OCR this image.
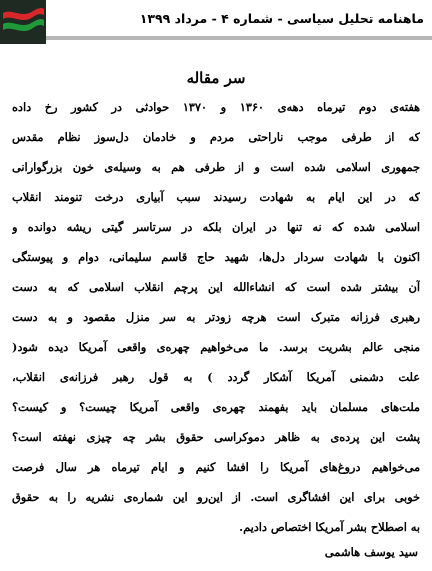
ماهنامه تحلیل سیاسی - شماره ۴ - مرداد ۱۳۹۹
سر مقاله
هفته‌ی دوم تیرماه دهه‌ی ۱۳۶۰ و ۱۳۷۰ حوادثی در کشور رخ داده
که از طرفی موجب ناراحتی مردم و خادمان دل‌سوز نظام مقدس
جمهوری اسلامی شده است و از طرفی هم به وسیله‌ی خون بزرگوارانی
که در این ایام به شهادت رسیدند سبب آبیاری درخت تنومند انقلاب
اسلامی شده که نه تنها در ایران بلکه در سرتاسر گیتی ریشه دوانده و
اکنون با شهادت سردار دل‌ها، شهید حاج قاسم سلیمانی، دوام و پیوستگی
آن بیشتر شده است که انشاءالله این پرچم انقلاب اسلامی که به دست
رهبری فرزانه متبرک است هرچه زودتر به سر منزل مقصود و به دست
منجی عالم بشریت برسد. ما می‌خواهیم چهره‌ی واقعی آمریکا دیده شود(
علت دشمنی آمریکا آشکار گردد ) به قول رهبر فرزانه‌ی انقلاب،
ملت‌های مسلمان باید بفهمند چهره‌ی واقعی آمریکا چیست؟ و کیست؟
پشت این پرده‌ی به ظاهر دموکراسی حقوق بشر چه چیزی نهفته است؟
می‌خواهیم دروغ‌های آمریکا را افشا کنیم و ایام تیرماه هر سال فرصت
خوبی برای این افشاگری است. از این‌رو این شماره‌ی نشریه را به حقوق
به اصطلاح بشر آمریکا اختصاص دادیم.
سید یوسف هاشمی
